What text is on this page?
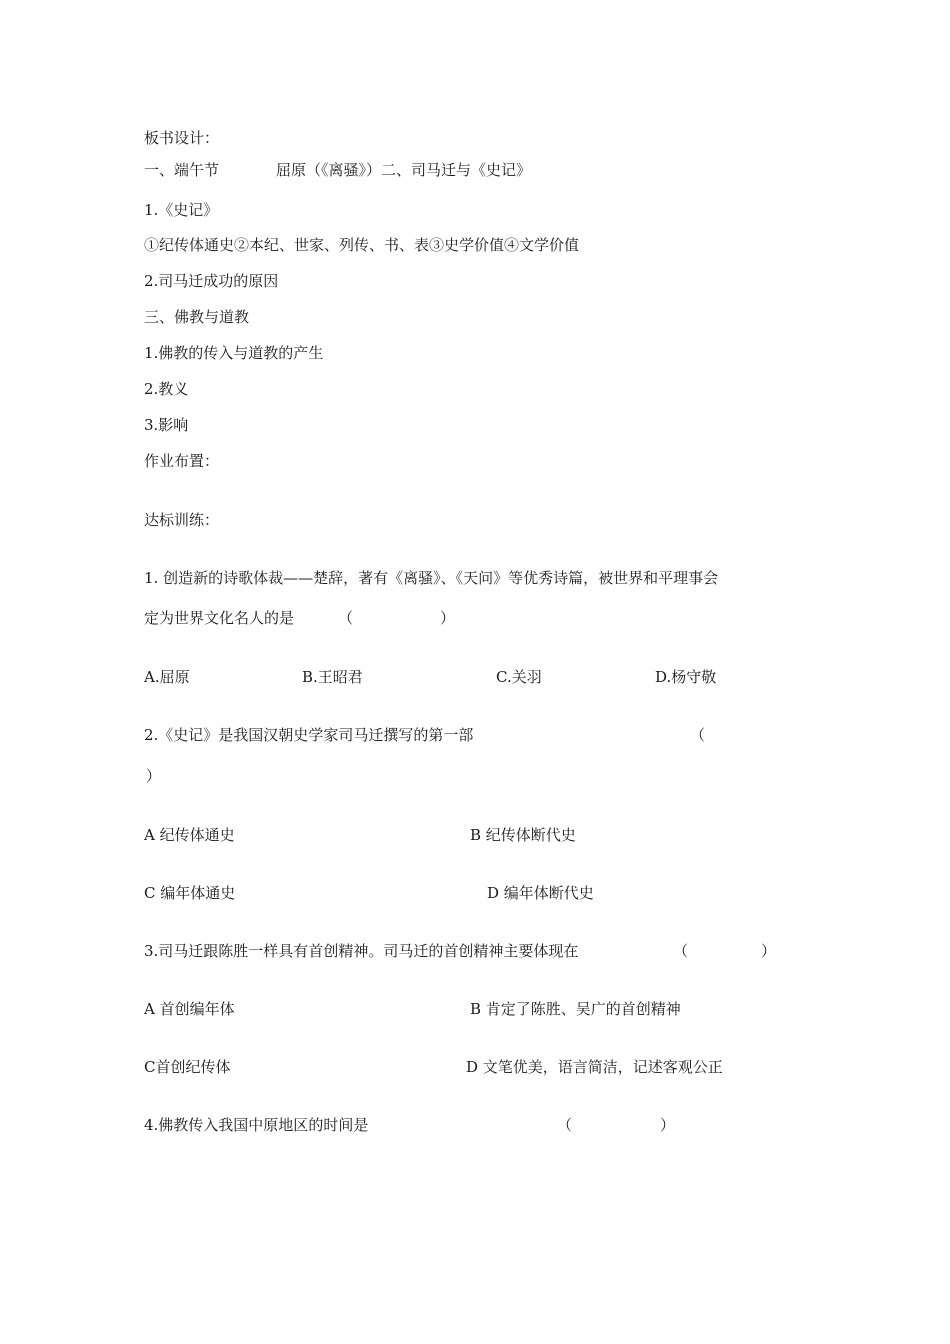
板书设计：
一、端午节	屈原（《离骚》）二、司马迁与《史记》
1.《史记》
①纪传体通史②本纪、世家、列传、书、表③史学价值④文学价值
2.司马迁成功的原因
三、佛教与道教
1.佛教的传入与道教的产生
2.教义
3.影响
作业布置：
达标训练：
1. 创造新的诗歌体裁——楚辞，著有《离骚》、《天问》等优秀诗篇，被世界和平理事会
定为世界文化名人的是	（	）
A.屈原	B.王昭君	C.关羽	D.杨守敬
2.《史记》是我国汉朝史学家司马迁撰写的第一部	（
）
A 纪传体通史	B 纪传体断代史
C 编年体通史	D 编年体断代史
3.司马迁跟陈胜一样具有首创精神。司马迁的首创精神主要体现在	（	）
A 首创编年体	B 肯定了陈胜、吴广的首创精神
C首创纪传体	D 文笔优美，语言简洁，记述客观公正
4.佛教传入我国中原地区的时间是	（	）
